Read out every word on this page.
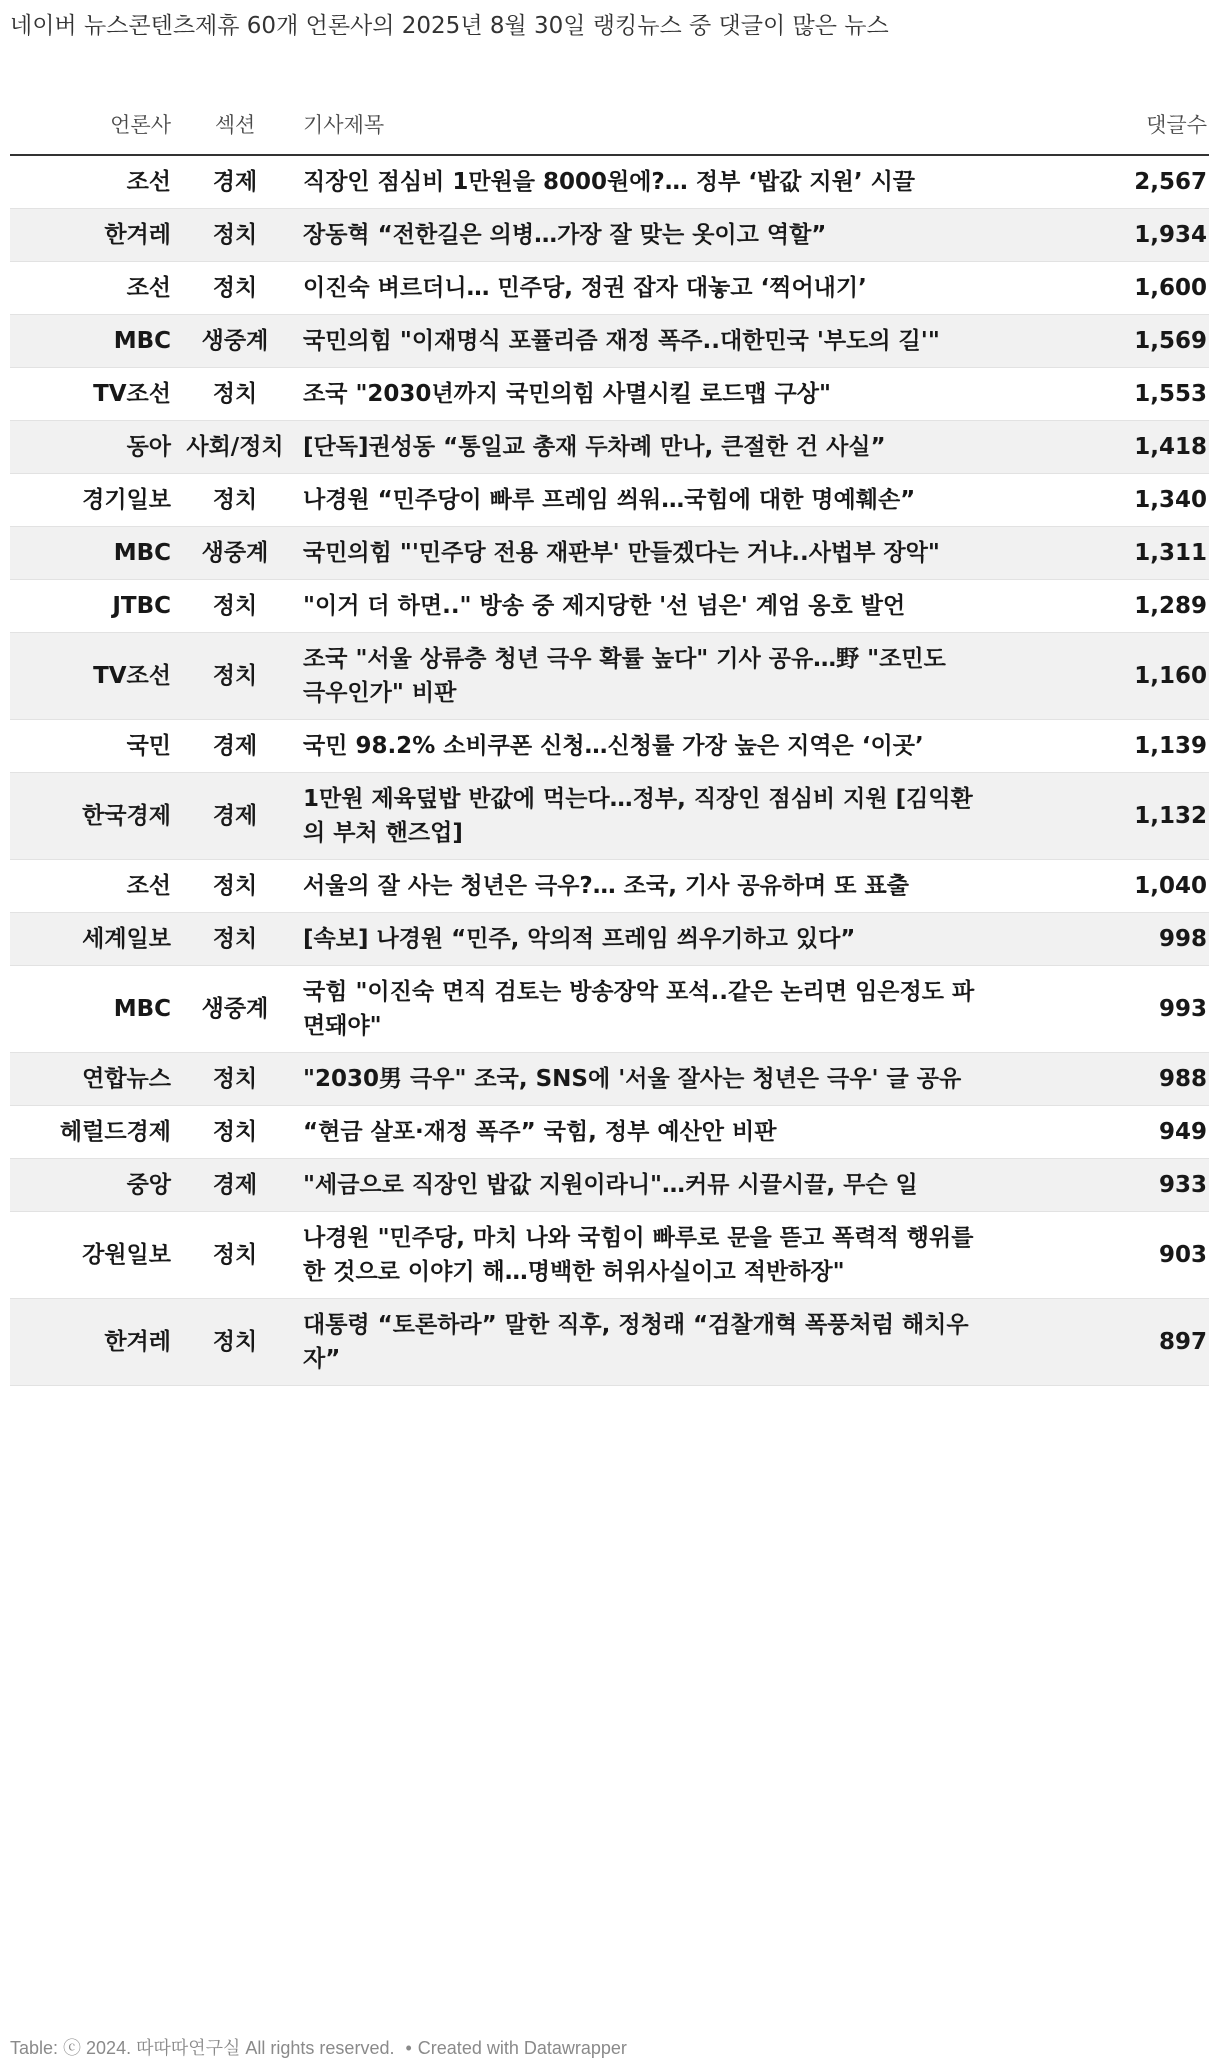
네이버 뉴스콘텐츠제휴 60개 언론사의 2025년 8월 30일 랭킹뉴스 중 댓글이 많은 뉴스
언론사	섹션	기사제목	댓글수
조선	경제	직장인 점심비 1만원을 8000원에?… 정부 ‘밥값 지원’ 시끌	2,567
한겨레	정치	장동혁 “전한길은 의병…가장 잘 맞는 옷이고 역할”	1,934
조선	정치	이진숙 벼르더니… 민주당, 정권 잡자 대놓고 ‘찍어내기’	1,600
MBC	생중계	국민의힘 "이재명식 포퓰리즘 재정 폭주..대한민국 '부도의 길'"	1,569
TV조선	정치	조국 "2030년까지 국민의힘 사멸시킬 로드맵 구상"	1,553
동아	사회/정치	[단독]권성동 “통일교 총재 두차례 만나, 큰절한 건 사실”	1,418
경기일보	정치	나경원 “민주당이 빠루 프레임 씌워…국힘에 대한 명예훼손”	1,340
MBC	생중계	국민의힘 "'민주당 전용 재판부' 만들겠다는 거냐..사법부 장악"	1,311
JTBC	정치	"이거 더 하면.." 방송 중 제지당한 '선 넘은' 계엄 옹호 발언	1,289
TV조선	정치	조국 "서울 상류층 청년 극우 확률 높다" 기사 공유…野 "조민도 극우인가" 비판	1,160
국민	경제	국민 98.2% 소비쿠폰 신청…신청률 가장 높은 지역은 ‘이곳’	1,139
한국경제	경제	1만원 제육덮밥 반값에 먹는다…정부, 직장인 점심비 지원 [김익환의 부처 핸즈업]	1,132
조선	정치	서울의 잘 사는 청년은 극우?… 조국, 기사 공유하며 또 표출	1,040
세계일보	정치	[속보] 나경원 “민주, 악의적 프레임 씌우기하고 있다”	998
MBC	생중계	국힘 "이진숙 면직 검토는 방송장악 포석..같은 논리면 임은정도 파면돼야"	993
연합뉴스	정치	"2030男 극우" 조국, SNS에 '서울 잘사는 청년은 극우' 글 공유	988
헤럴드경제	정치	“현금 살포·재정 폭주” 국힘, 정부 예산안 비판	949
중앙	경제	"세금으로 직장인 밥값 지원이라니"…커뮤 시끌시끌, 무슨 일	933
강원일보	정치	나경원 "민주당, 마치 나와 국힘이 빠루로 문을 뜯고 폭력적 행위를 한 것으로 이야기 해…명백한 허위사실이고 적반하장"	903
한겨레	정치	대통령 “토론하라” 말한 직후, 정청래 “검찰개혁 폭풍처럼 해치우자”	897
Table: ⓒ 2024. 따따따연구실 All rights reserved. • Created with Datawrapper
